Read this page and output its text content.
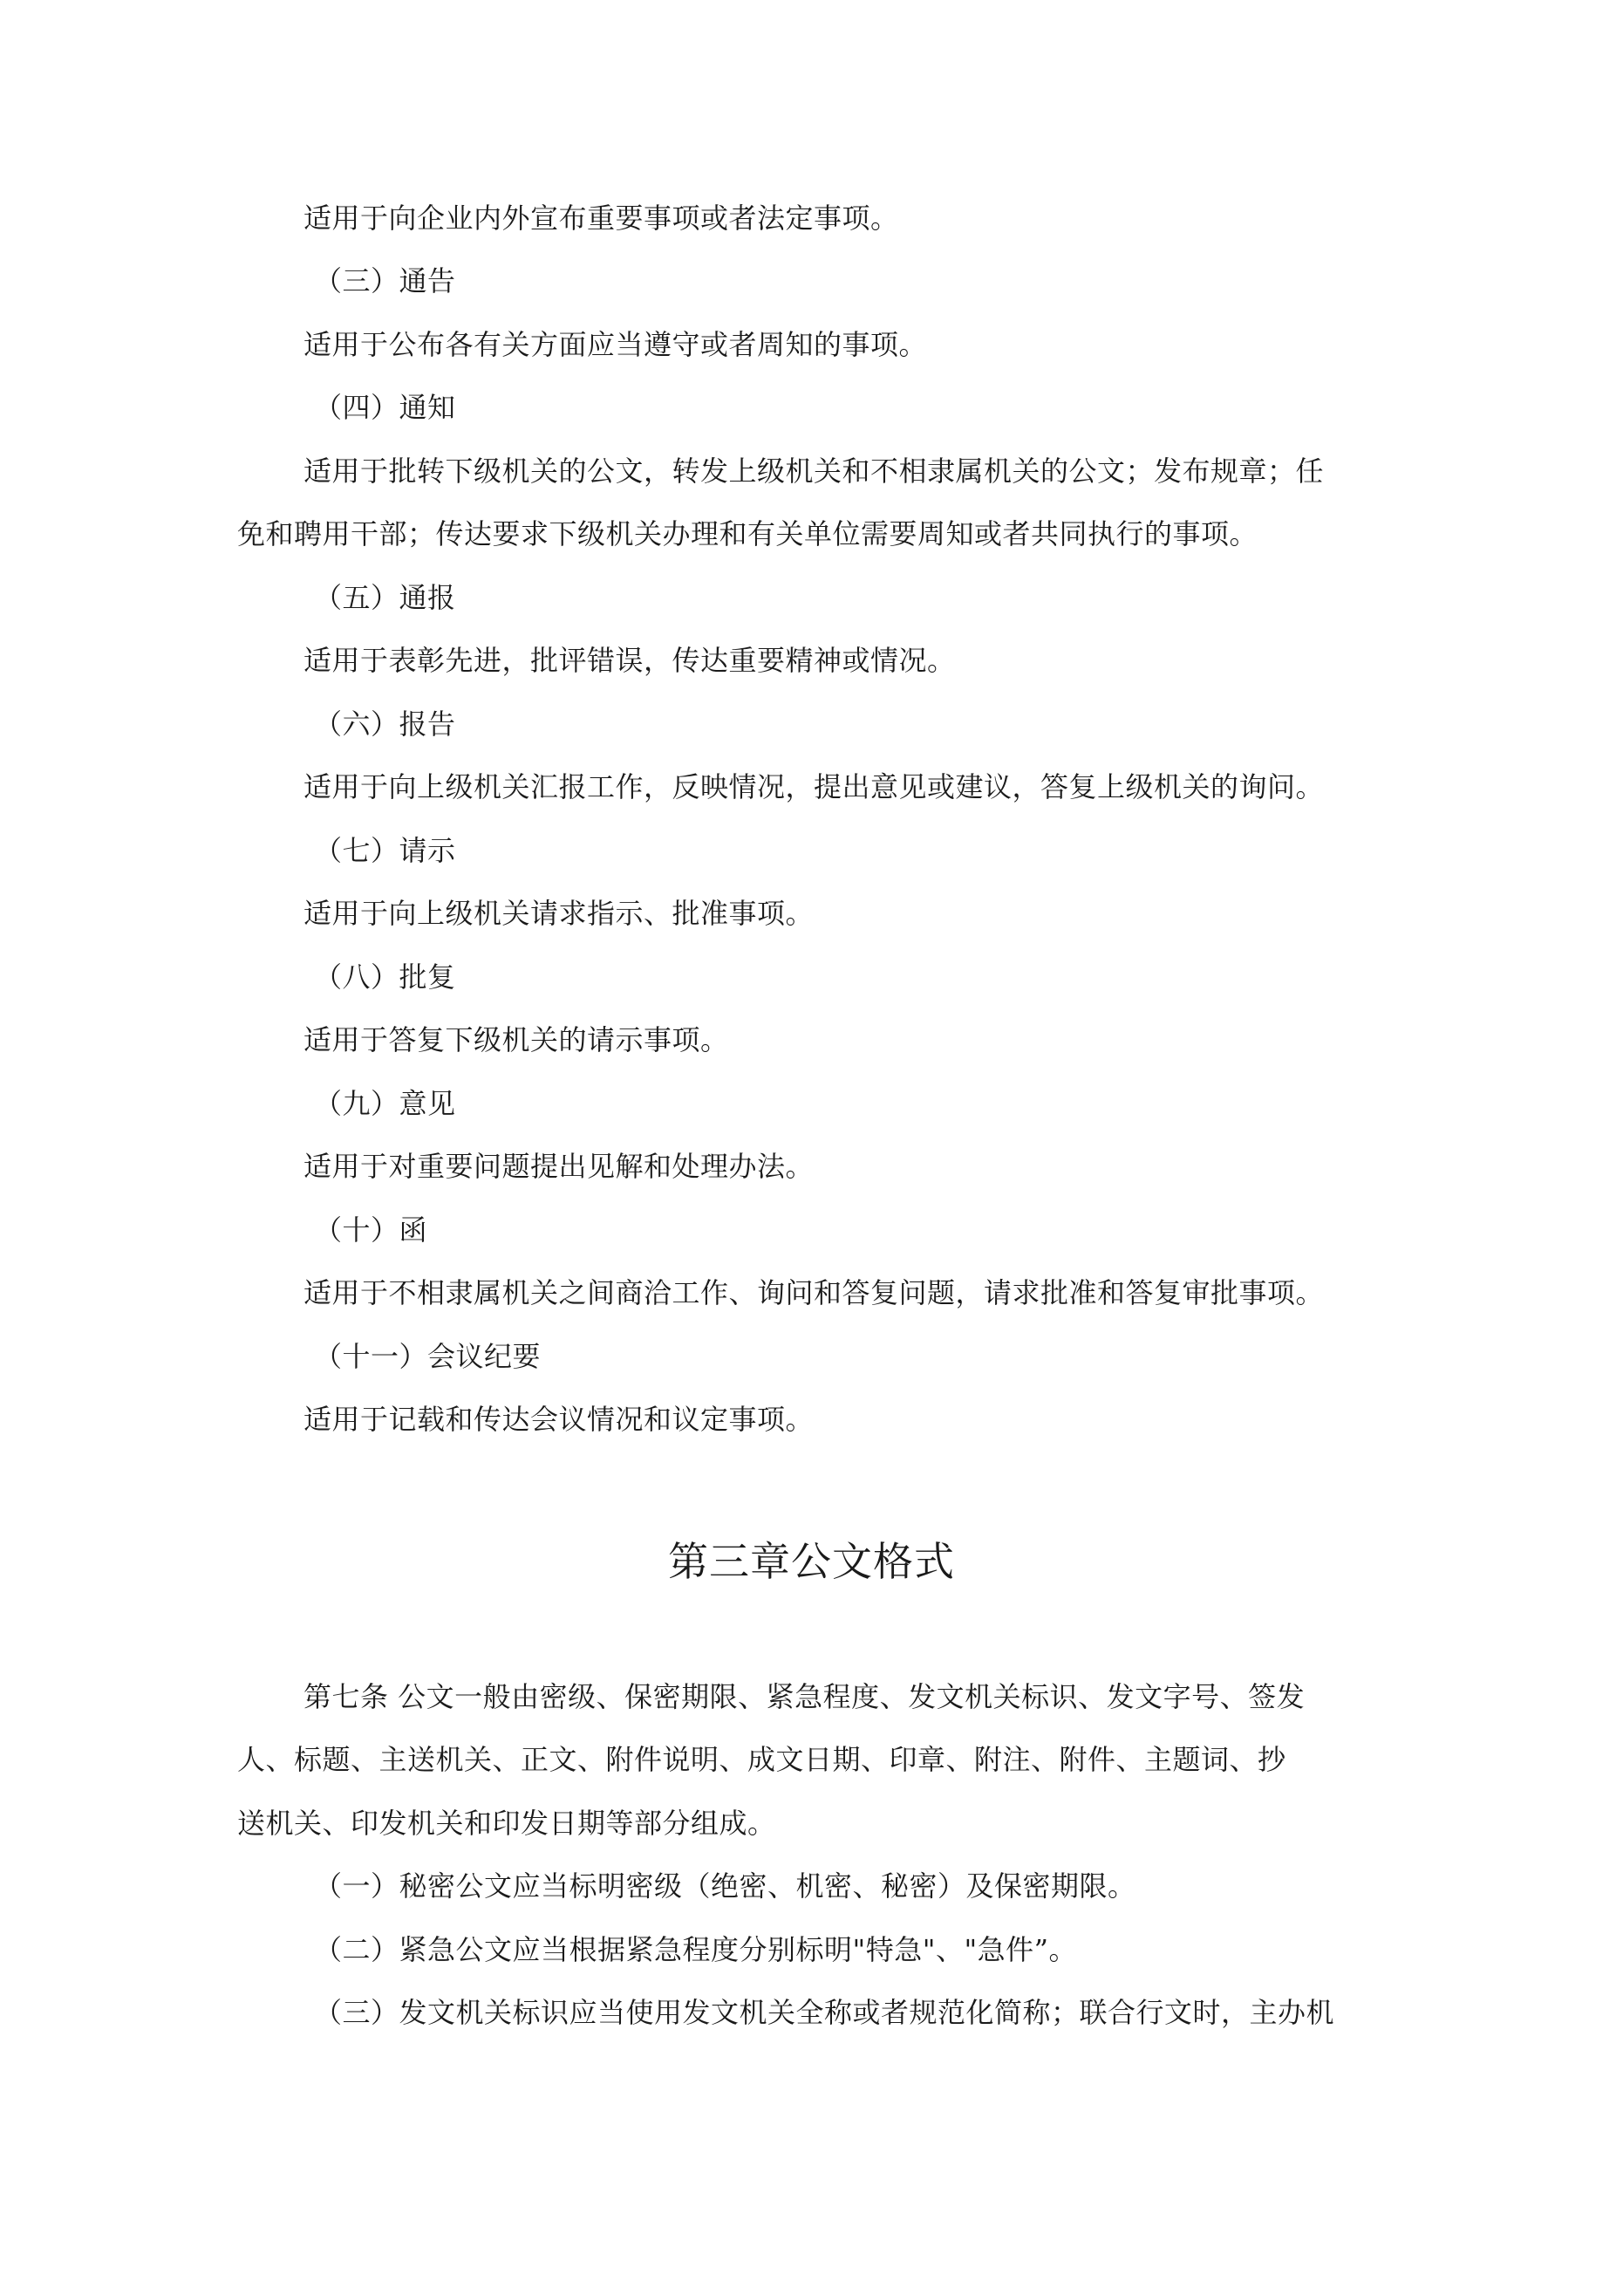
适用于向企业内外宣布重要事项或者法定事项。
（三）通告
适用于公布各有关方面应当遵守或者周知的事项。
（四）通知
适用于批转下级机关的公文，转发上级机关和不相隶属机关的公文；发布规章；任
免和聘用干部；传达要求下级机关办理和有关单位需要周知或者共同执行的事项。
（五）通报
适用于表彰先进，批评错误，传达重要精神或情况。
（六）报告
适用于向上级机关汇报工作，反映情况，提出意见或建议，答复上级机关的询问。
（七）请示
适用于向上级机关请求指示、批准事项。
（八）批复
适用于答复下级机关的请示事项。
（九）意见
适用于对重要问题提出见解和处理办法。
（十）函
适用于不相隶属机关之间商洽工作、询问和答复问题，请求批准和答复审批事项。
（十一）会议纪要
适用于记载和传达会议情况和议定事项。
第三章公文格式
第七条 公文一般由密级、保密期限、紧急程度、发文机关标识、发文字号、签发
人、标题、主送机关、正文、附件说明、成文日期、印章、附注、附件、主题词、抄
送机关、印发机关和印发日期等部分组成。
（一）秘密公文应当标明密级（绝密、机密、秘密）及保密期限。
（二）紧急公文应当根据紧急程度分别标明"特急"、"急件”。
（三）发文机关标识应当使用发文机关全称或者规范化简称；联合行文时，主办机
